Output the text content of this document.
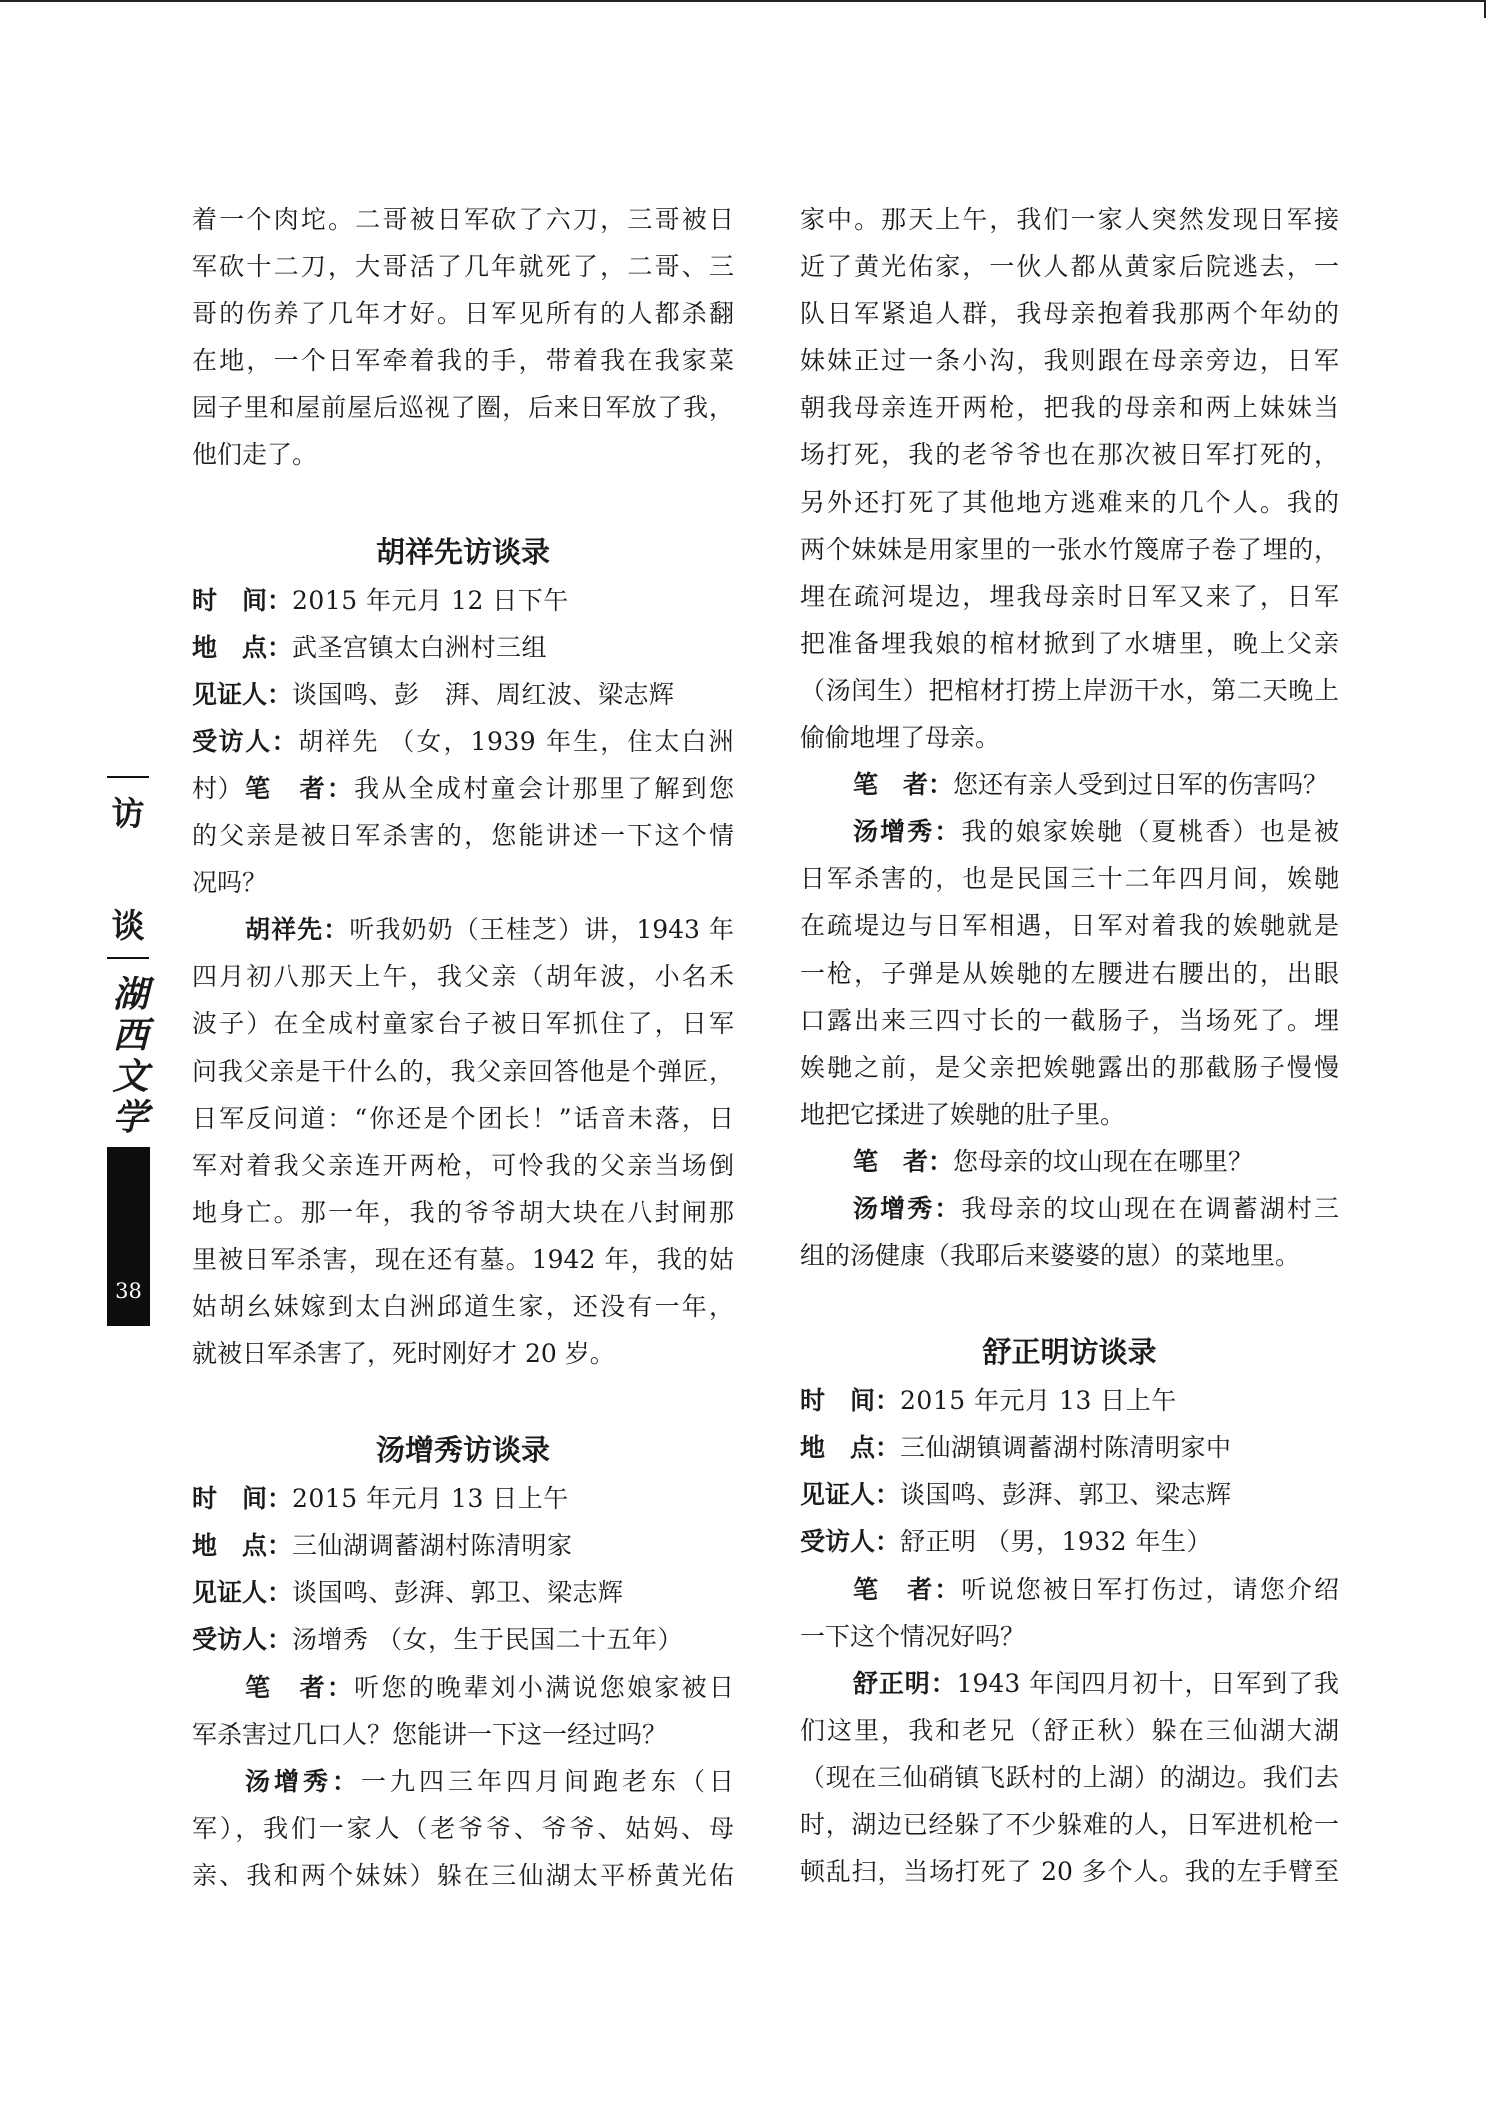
访
谈
湖西文学
38
着一个肉坨。二哥被日军砍了六刀，三哥被日
军砍十二刀，大哥活了几年就死了，二哥、三
哥的伤养了几年才好。日军见所有的人都杀翻
在地，一个日军牵着我的手，带着我在我家菜
园子里和屋前屋后巡视了圈，后来日军放了我，
他们走了。
胡祥先访谈录
时　间：2015 年元月 12 日下午
地　点：武圣宫镇太白洲村三组
见证人：谈国鸣、彭　湃、周红波、梁志辉
受访人：胡祥先 （女，1939 年生，住太白洲村） 笔　者：我从全成村童会计那里了解到您
的父亲是被日军杀害的，您能讲述一下这个情
况吗？
胡祥先：听我奶奶（王桂芝）讲，1943 年
四月初八那天上午，我父亲（胡年波，小名禾
波子）在全成村童家台子被日军抓住了，日军
问我父亲是干什么的，我父亲回答他是个弹匠，
日军反问道：“你还是个团长！”话音未落，日
军对着我父亲连开两枪，可怜我的父亲当场倒
地身亡。那一年，我的爷爷胡大块在八封闸那
里被日军杀害，现在还有墓。1942 年，我的姑
姑胡幺妹嫁到太白洲邱道生家，还没有一年，
就被日军杀害了，死时刚好才 20 岁。
汤增秀访谈录
时　间：2015 年元月 13 日上午
地　点：三仙湖调蓄湖村陈清明家
见证人：谈国鸣、彭湃、郭卫、梁志辉
受访人：汤增秀 （女，生于民国二十五年）
笔　者：听您的晚辈刘小满说您娘家被日
军杀害过几口人？您能讲一下这一经过吗？
汤增秀：一九四三年四月间跑老东（日
军），我们一家人（老爷爷、爷爷、姑妈、母
亲、我和两个妹妹）躲在三仙湖太平桥黄光佑
家中。那天上午，我们一家人突然发现日军接
近了黄光佑家，一伙人都从黄家后院逃去，一
队日军紧追人群，我母亲抱着我那两个年幼的
妹妹正过一条小沟，我则跟在母亲旁边，日军
朝我母亲连开两枪，把我的母亲和两上妹妹当
场打死，我的老爷爷也在那次被日军打死的，
另外还打死了其他地方逃难来的几个人。我的
两个妹妹是用家里的一张水竹篾席子卷了埋的，
埋在疏河堤边，埋我母亲时日军又来了，日军
把准备埋我娘的棺材掀到了水塘里，晚上父亲
（汤闰生）把棺材打捞上岸沥干水，第二天晚上
偷偷地埋了母亲。
笔　者：您还有亲人受到过日军的伤害吗？
汤增秀：我的娘家娭毑（夏桃香）也是被
日军杀害的，也是民国三十二年四月间，娭毑
在疏堤边与日军相遇，日军对着我的娭毑就是
一枪，子弹是从娭毑的左腰进右腰出的，出眼
口露出来三四寸长的一截肠子，当场死了。埋
娭毑之前，是父亲把娭毑露出的那截肠子慢慢
地把它揉进了娭毑的肚子里。
笔　者：您母亲的坟山现在在哪里？
汤增秀：我母亲的坟山现在在调蓄湖村三
组的汤健康（我耶后来婆婆的崽）的菜地里。
舒正明访谈录
时　间：2015 年元月 13 日上午
地　点：三仙湖镇调蓄湖村陈清明家中
见证人：谈国鸣、彭湃、郭卫、梁志辉
受访人：舒正明 （男，1932 年生）
笔　者：听说您被日军打伤过，请您介绍
一下这个情况好吗？
舒正明：1943 年闰四月初十，日军到了我
们这里，我和老兄（舒正秋）躲在三仙湖大湖
（现在三仙硝镇飞跃村的上湖）的湖边。我们去
时，湖边已经躲了不少躲难的人，日军进机枪一
顿乱扫，当场打死了 20 多个人。我的左手臂至
